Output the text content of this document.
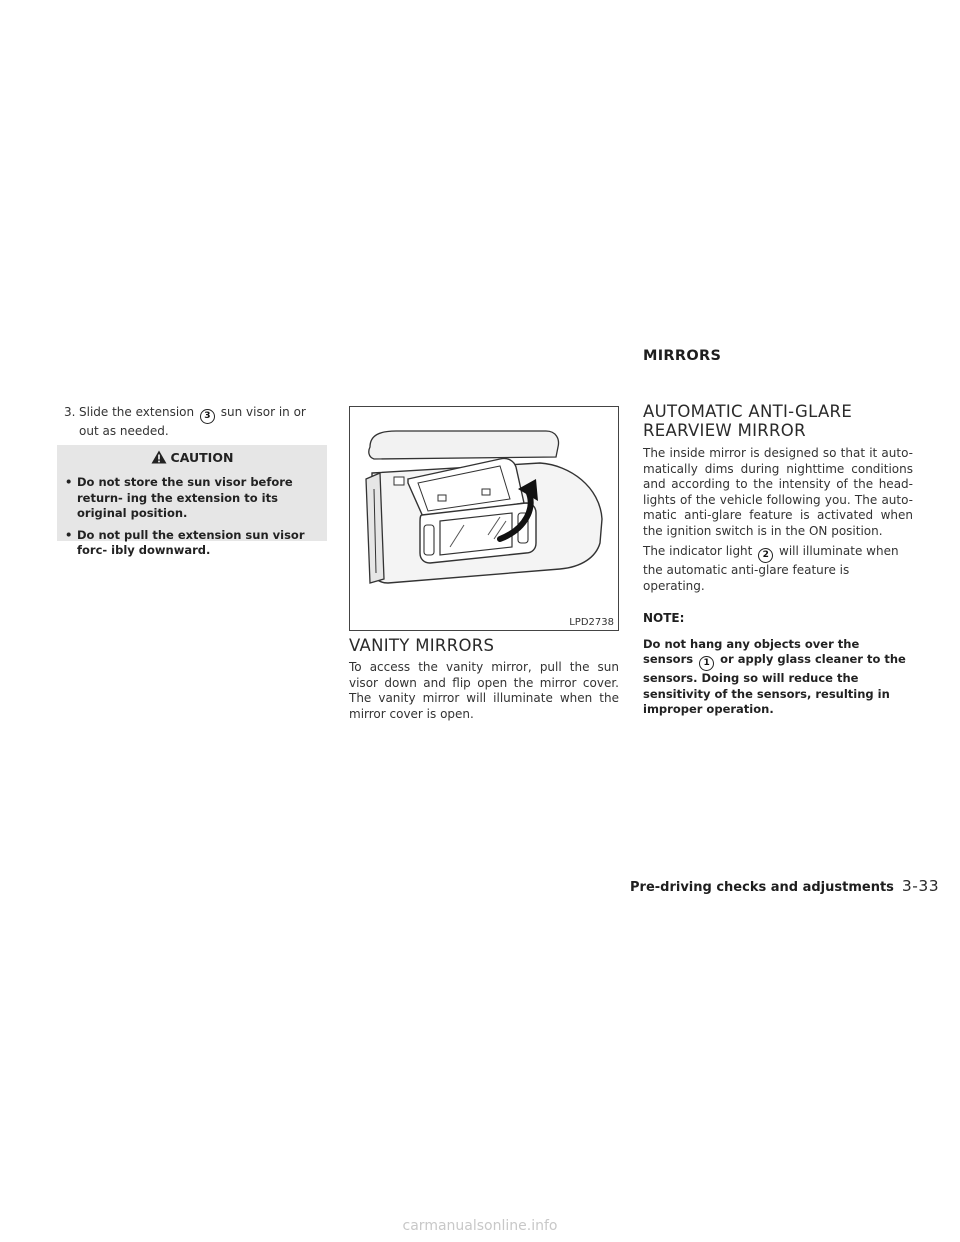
MIRRORS
3. Slide the extension 3 sun visor in or out as needed.
CAUTION
• Do not store the sun visor before return- ing the extension to its original position.
• Do not pull the extension sun visor forc- ibly downward.
LPD2738
VANITY MIRRORS
To access the vanity mirror, pull the sun visor down and flip open the mirror cover. The vanity mirror will illuminate when the mirror cover is open.
AUTOMATIC ANTI-GLARE
REARVIEW MIRROR
The inside mirror is designed so that it auto- matically dims during nighttime conditions and according to the intensity of the head- lights of the vehicle following you. The auto- matic anti-glare feature is activated when the ignition switch is in the ON position.
The indicator light 2 will illuminate when the automatic anti-glare feature is operating.
NOTE:
Do not hang any objects over the sensors 1 or apply glass cleaner to the sensors. Doing so will reduce the sensitivity of the sensors, resulting in improper operation.
Pre-driving checks and adjustments 3-33
carmanualsonline.info
